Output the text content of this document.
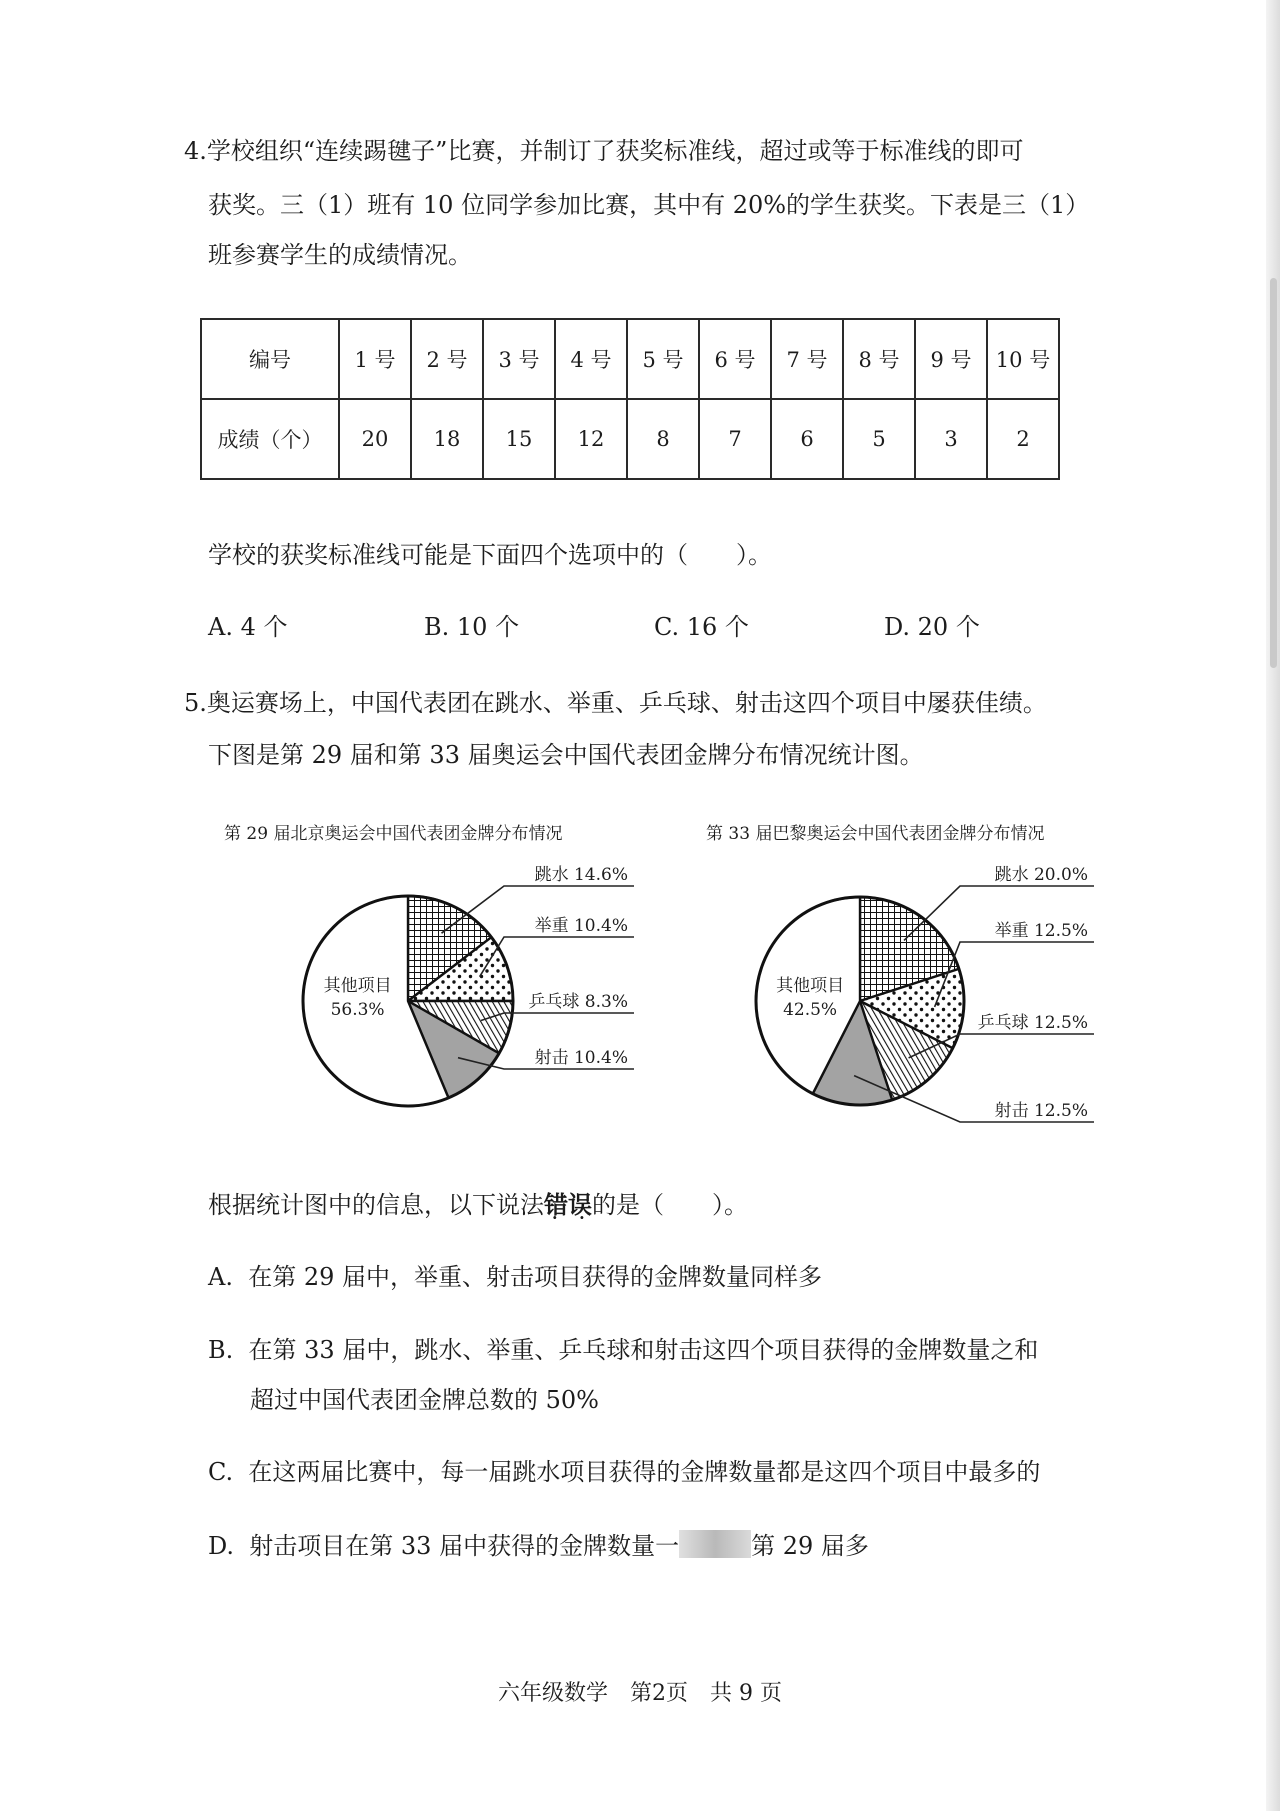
4.学校组织“连续踢毽子”比赛，并制订了获奖标准线，超过或等于标准线的即可
获奖。三（1）班有 10 位同学参加比赛，其中有 20%的学生获奖。下表是三（1）
班参赛学生的成绩情况。
编号	1 号	2 号	3 号	4 号	5 号	6 号	7 号	8 号	9 号	10 号
成绩（个）	20	18	15	12	8	7	6	5	3	2
学校的获奖标准线可能是下面四个选项中的（　　）。
A. 4 个	B. 10 个	C. 16 个	D. 20 个
5.奥运赛场上，中国代表团在跳水、举重、乒乓球、射击这四个项目中屡获佳绩。
下图是第 29 届和第 33 届奥运会中国代表团金牌分布情况统计图。
第 29 届北京奥运会中国代表团金牌分布情况	第 33 届巴黎奥运会中国代表团金牌分布情况
跳水 14.6%
举重 10.4%
乒乓球 8.3%
射击 10.4%
其他项目
56.3%
跳水 20.0%
举重 12.5%
乒乓球 12.5%
射击 12.5%
其他项目
42.5%
根据统计图中的信息，以下说法错误 · ·的是（　　）。
A. 在第 29 届中，举重、射击项目获得的金牌数量同样多
B. 在第 33 届中，跳水、举重、乒乓球和射击这四个项目获得的金牌数量之和
超过中国代表团金牌总数的 50%
C. 在这两届比赛中，每一届跳水项目获得的金牌数量都是这四个项目中最多的
D. 射击项目在第 33 届中获得的金牌数量一	第 29 届多
六年级数学　第2页　共 9 页
